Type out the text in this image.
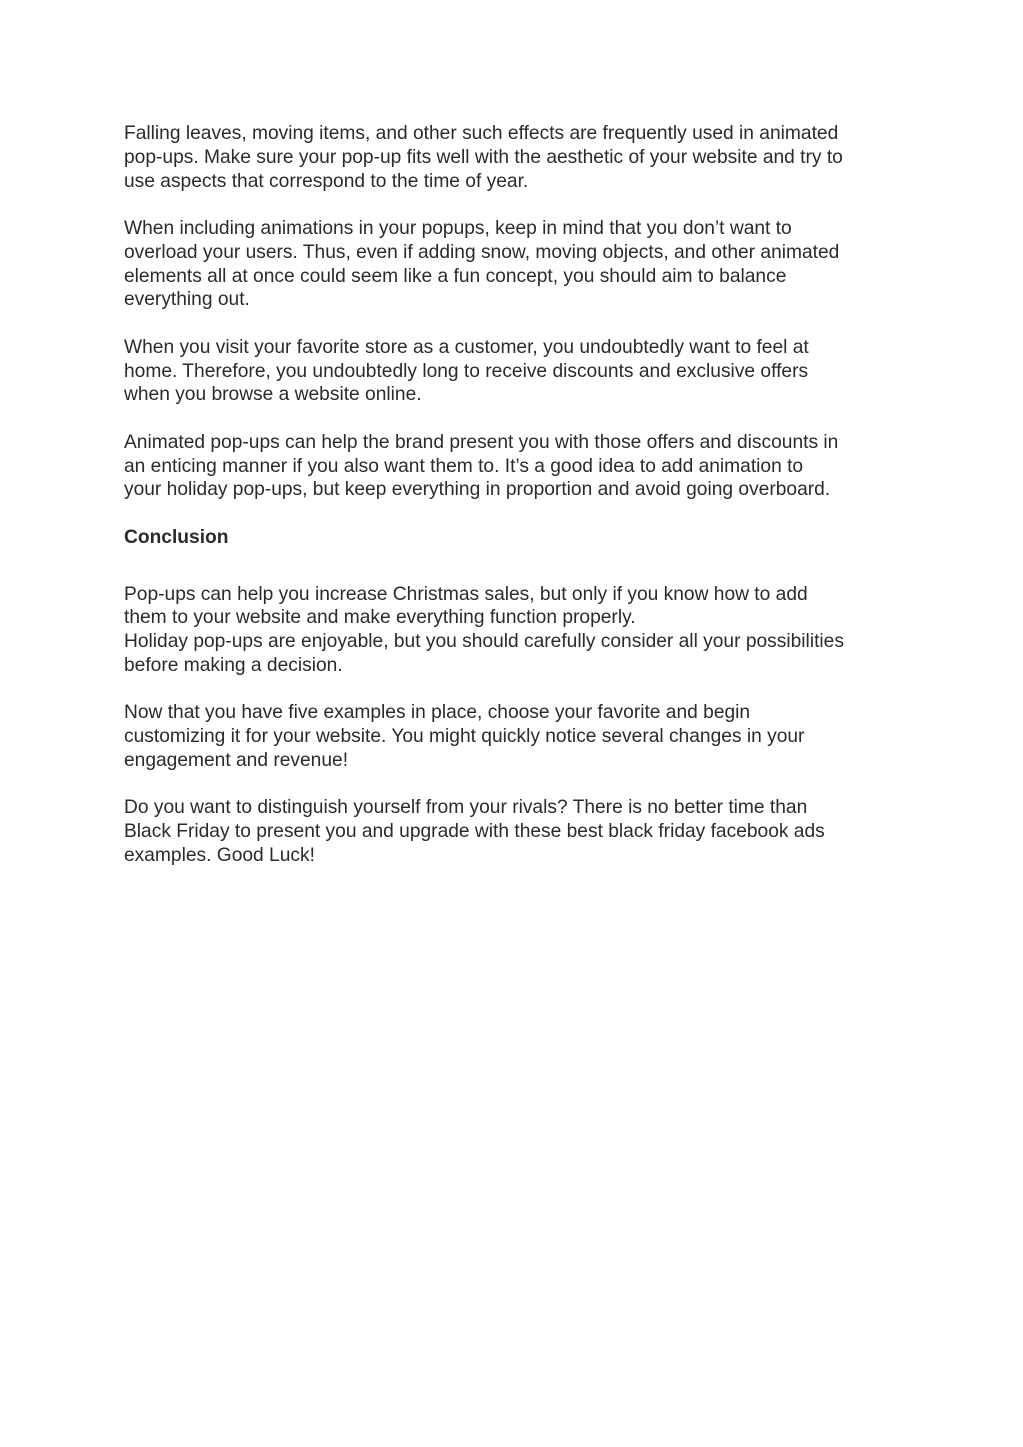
Falling leaves, moving items, and other such effects are frequently used in animated
pop-ups. Make sure your pop-up fits well with the aesthetic of your website and try to
use aspects that correspond to the time of year.

When including animations in your popups, keep in mind that you don’t want to
overload your users. Thus, even if adding snow, moving objects, and other animated
elements all at once could seem like a fun concept, you should aim to balance
everything out.

When you visit your favorite store as a customer, you undoubtedly want to feel at
home. Therefore, you undoubtedly long to receive discounts and exclusive offers
when you browse a website online.

Animated pop-ups can help the brand present you with those offers and discounts in
an enticing manner if you also want them to. It’s a good idea to add animation to
your holiday pop-ups, but keep everything in proportion and avoid going overboard.

Conclusion

Pop-ups can help you increase Christmas sales, but only if you know how to add
them to your website and make everything function properly.
Holiday pop-ups are enjoyable, but you should carefully consider all your possibilities
before making a decision.

Now that you have five examples in place, choose your favorite and begin
customizing it for your website. You might quickly notice several changes in your
engagement and revenue!

Do you want to distinguish yourself from your rivals? There is no better time than
Black Friday to present you and upgrade with these best black friday facebook ads
examples. Good Luck!
